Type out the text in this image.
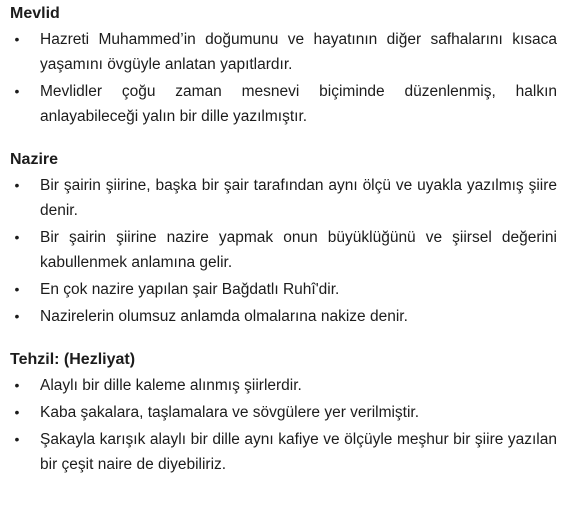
Mevlid
• Hazreti Muhammed’in doğumunu ve hayatının diğer safhalarını kısaca yaşamını övgüyle anlatan yapıtlardır.
• Mevlidler çoğu zaman mesnevi biçiminde düzenlenmiş, halkın anlayabileceği yalın bir dille yazılmıştır.
Nazire
• Bir şairin şiirine, başka bir şair tarafından aynı ölçü ve uyakla yazılmış şiire denir.
• Bir şairin şiirine nazire yapmak onun büyüklüğünü ve şiirsel değerini kabullenmek anlamına gelir.
• En çok nazire yapılan şair Bağdatlı Ruhî'dir.
• Nazirelerin olumsuz anlamda olmalarına nakize denir.
Tehzil: (Hezliyat)
• Alaylı bir dille kaleme alınmış şiirlerdir.
• Kaba şakalara, taşlamalara ve sövgülere yer verilmiştir.
• Şakayla karışık alaylı bir dille aynı kafiye ve ölçüyle meşhur bir şiire yazılan bir çeşit naire de diyebiliriz.
